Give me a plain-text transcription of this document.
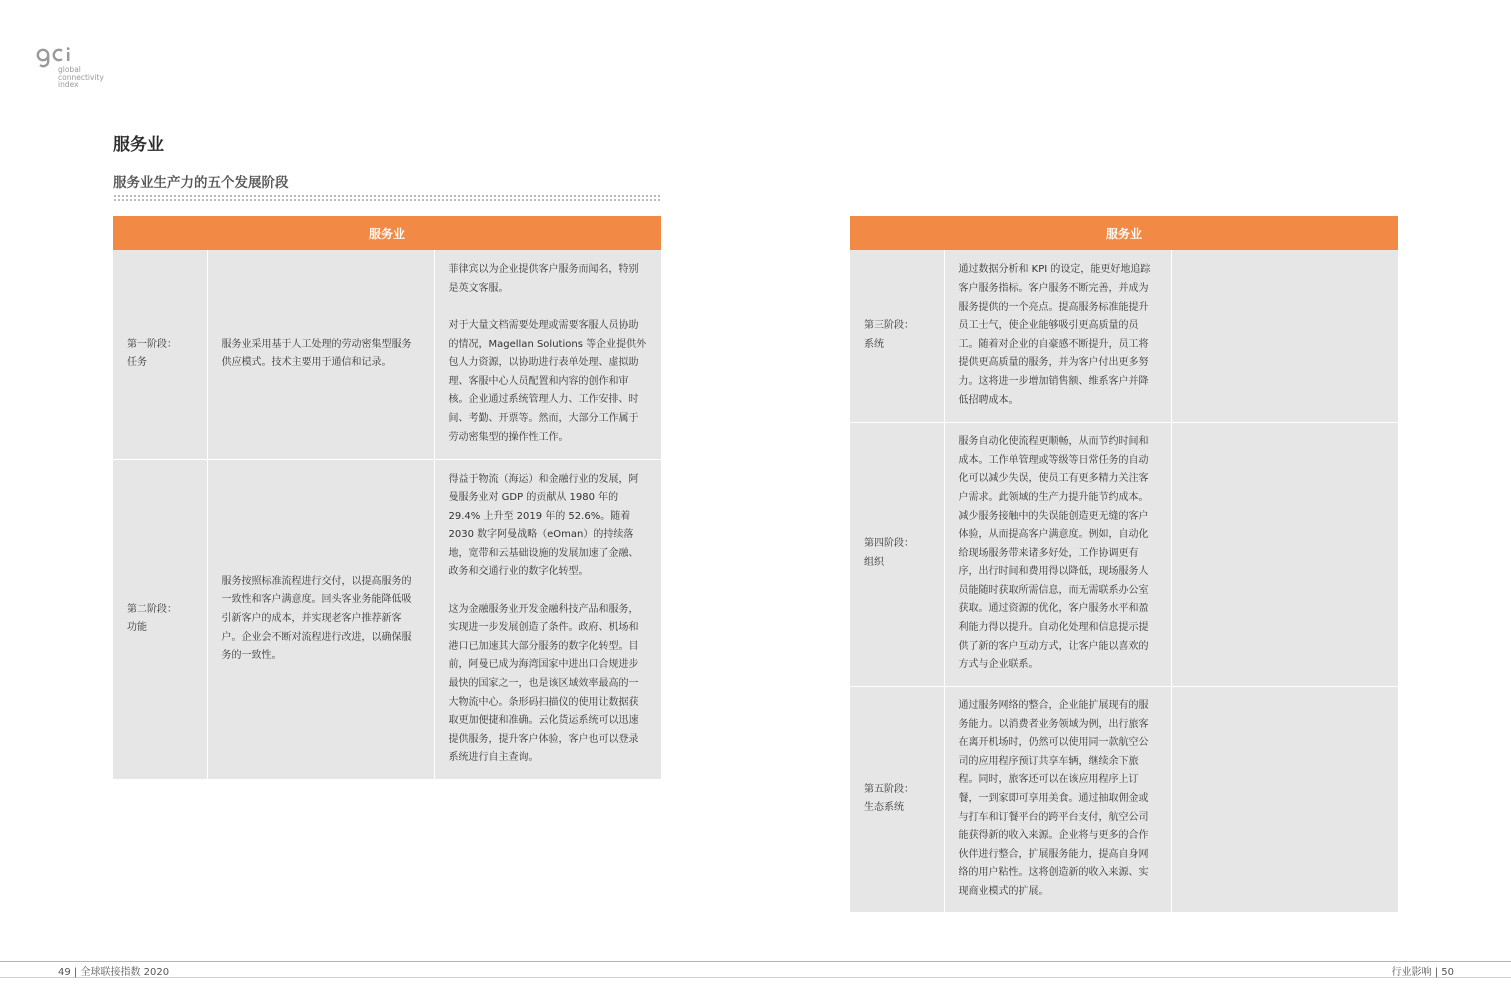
global
connectivity
index
服务业
服务业生产力的五个发展阶段
服务业		
第一阶段：
任务	服务业采用基于人工处理的劳动密集型服务供应模式。技术主要用于通信和记录。	菲律宾以为企业提供客户服务而闻名，特别是英文客服。

对于大量文档需要处理或需要客服人员协助的情况，Magellan Solutions 等企业提供外包人力资源，以协助进行表单处理、虚拟助理、客服中心人员配置和内容的创作和审核。企业通过系统管理人力、工作安排、时间、考勤、开票等。然而，大部分工作属于劳动密集型的操作性工作。
第二阶段：
功能	服务按照标准流程进行交付，以提高服务的一致性和客户满意度。回头客业务能降低吸引新客户的成本，并实现老客户推荐新客户。企业会不断对流程进行改进，以确保服务的一致性。	得益于物流（海运）和金融行业的发展，阿曼服务业对 GDP 的贡献从 1980 年的 29.4% 上升至 2019 年的 52.6%。随着 2030 数字阿曼战略（eOman）的持续落地，宽带和云基础设施的发展加速了金融、政务和交通行业的数字化转型。

这为金融服务业开发金融科技产品和服务，实现进一步发展创造了条件。政府、机场和港口已加速其大部分服务的数字化转型。目前，阿曼已成为海湾国家中进出口合规进步最快的国家之一，也是该区域效率最高的一大物流中心。条形码扫描仪的使用让数据获取更加便捷和准确。云化货运系统可以迅速提供服务，提升客户体验，客户也可以登录系统进行自主查询。
服务业		
第三阶段：
系统	通过数据分析和 KPI 的设定，能更好地追踪客户服务指标。客户服务不断完善，并成为服务提供的一个亮点。提高服务标准能提升员工士气，使企业能够吸引更高质量的员工。随着对企业的自豪感不断提升，员工将提供更高质量的服务，并为客户付出更多努力。这将进一步增加销售额、维系客户并降低招聘成本。	
第四阶段：
组织	服务自动化使流程更顺畅，从而节约时间和成本。工作单管理或等级等日常任务的自动化可以减少失误，使员工有更多精力关注客户需求。此领域的生产力提升能节约成本。减少服务接触中的失误能创造更无缝的客户体验，从而提高客户满意度。例如，自动化给现场服务带来诸多好处，工作协调更有序，出行时间和费用得以降低，现场服务人员能随时获取所需信息，而无需联系办公室获取。通过资源的优化，客户服务水平和盈利能力得以提升。自动化处理和信息提示提供了新的客户互动方式，让客户能以喜欢的方式与企业联系。	
第五阶段：
生态系统	通过服务网络的整合，企业能扩展现有的服务能力。以消费者业务领域为例，出行旅客在离开机场时，仍然可以使用同一款航空公司的应用程序预订共享车辆，继续余下旅程。同时，旅客还可以在该应用程序上订餐，一到家即可享用美食。通过抽取佣金或与打车和订餐平台的跨平台支付，航空公司能获得新的收入来源。企业将与更多的合作伙伴进行整合，扩展服务能力，提高自身网络的用户粘性。这将创造新的收入来源、实现商业模式的扩展。	
49 | 全球联接指数 2020	行业影响 | 50
